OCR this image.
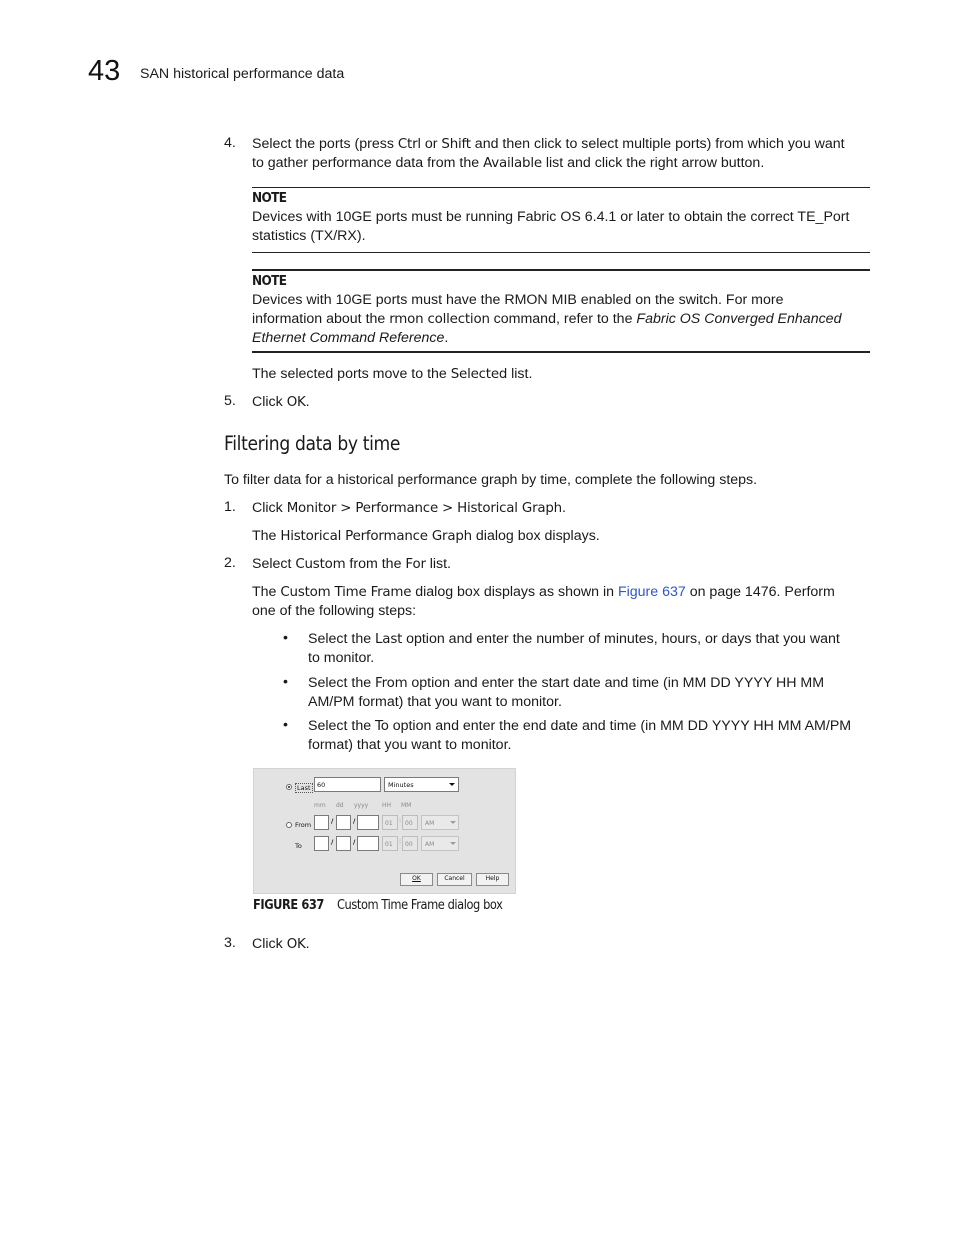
43 SAN historical performance data
4. Select the ports (press Ctrl or Shift and then click to select multiple ports) from which you want

to gather performance data from the Available list and click the right arrow button.

NOTE

Devices with 10GE ports must be running Fabric OS 6.4.1 or later to obtain the correct TE_Port

statistics (TX/RX).

NOTE

Devices with 10GE ports must have the RMON MIB enabled on the switch. For more

information about the rmon collection command, refer to the Fabric OS Converged Enhanced

Ethernet Command Reference.

The selected ports move to the Selected list.

5. Click OK.

Filtering data by time

To filter data for a historical performance graph by time, complete the following steps.

1. Click Monitor > Performance > Historical Graph.

The Historical Performance Graph dialog box displays.

2. Select Custom from the For list.

The Custom Time Frame dialog box displays as shown in Figure 637 on page 1476. Perform

one of the following steps:

• Select the Last option and enter the number of minutes, hours, or days that you want

to monitor.

• Select the From option and enter the start date and time (in MM DD YYYY HH MM

AM/PM format) that you want to monitor.

• Select the To option and enter the end date and time (in MM DD YYYY HH MM AM/PM

format) that you want to monitor.

Last 60	Minutes
mm dd yyyy HH MM
From	/	/	01 : 00 AM
To	/	/	01 : 00 AM
OK	Cancel	Help
FIGURE 637 Custom Time Frame dialog box
3. Click OK.
